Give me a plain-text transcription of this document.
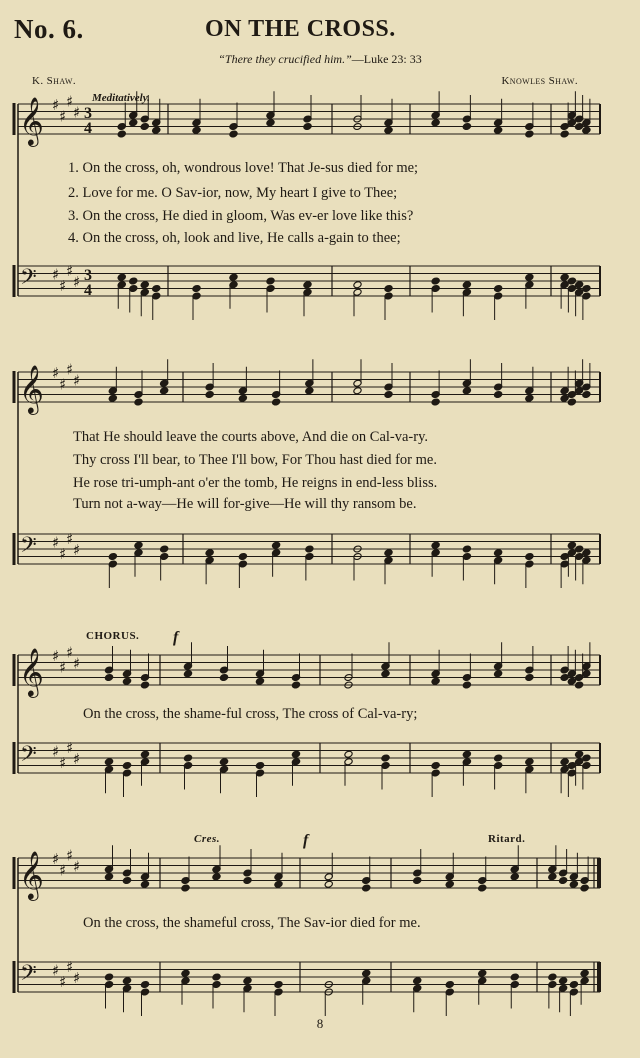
No. 6.	ON THE CROSS.
“There they crucified him.”—Luke 23: 33
K. Shaw.	Knowles Shaw.
Meditatively.
CHORUS. f
Cres.	f	Ritard.
1. On the cross, oh, wondrous love! That Je-sus died for me;
2. Love for me. O Sav-ior, now, My heart I give to Thee;
3. On the cross, He died in gloom, Was ev-er love like this?
4. On the cross, oh, look and live, He calls a-gain to thee;
That He should leave the courts above, And die on Cal-va-ry.
Thy cross I'll bear, to Thee I'll bow, For Thou hast died for me.
He rose tri-umph-ant o'er the tomb, He reigns in end-less bliss.
Turn not a-way—He will for-give—He will thy ransom be.
On the cross, the shame-ful cross, The cross of Cal-va-ry;
On the cross, the shameful cross, The Sav-ior died for me.
8
𝄞 ♯
♯
♯
♯ 3
4
𝄢 ♯
♯
♯
♯ 3
4
𝄞 ♯
♯
♯
♯
𝄢 ♯
♯
♯
♯
𝄞 ♯
♯
♯
♯
𝄢 ♯
♯
♯
♯
𝄞 ♯
♯
♯
♯
𝄢 ♯
♯
♯
♯
